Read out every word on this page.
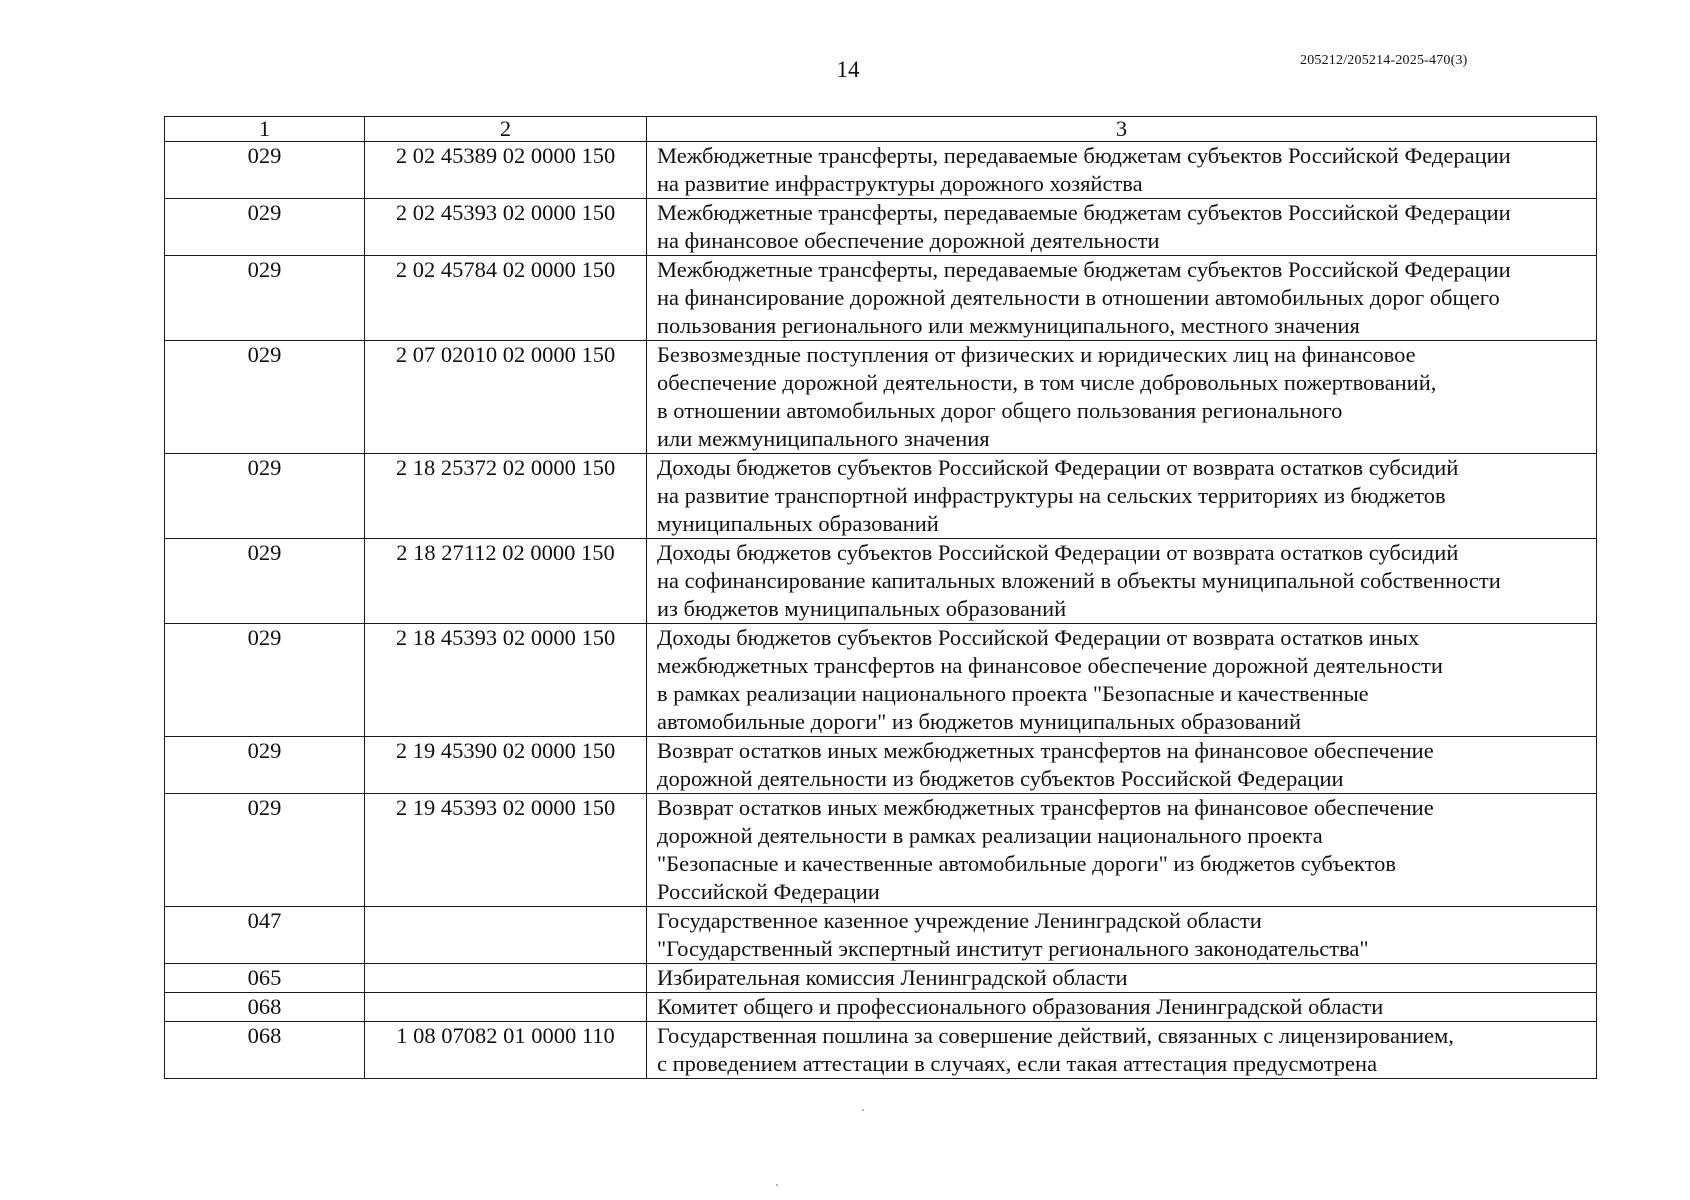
14	205212/205214-2025-470(3)
1	2	3
029	2 02 45389 02 0000 150	Межбюджетные трансферты, передаваемые бюджетам субъектов Российской Федерации
на развитие инфраструктуры дорожного хозяйства
029	2 02 45393 02 0000 150	Межбюджетные трансферты, передаваемые бюджетам субъектов Российской Федерации
на финансовое обеспечение дорожной деятельности
029	2 02 45784 02 0000 150	Межбюджетные трансферты, передаваемые бюджетам субъектов Российской Федерации
на финансирование дорожной деятельности в отношении автомобильных дорог общего
пользования регионального или межмуниципального, местного значения
029	2 07 02010 02 0000 150	Безвозмездные поступления от физических и юридических лиц на финансовое
обеспечение дорожной деятельности, в том числе добровольных пожертвований,
в отношении автомобильных дорог общего пользования регионального
или межмуниципального значения
029	2 18 25372 02 0000 150	Доходы бюджетов субъектов Российской Федерации от возврата остатков субсидий
на развитие транспортной инфраструктуры на сельских территориях из бюджетов
муниципальных образований
029	2 18 27112 02 0000 150	Доходы бюджетов субъектов Российской Федерации от возврата остатков субсидий
на софинансирование капитальных вложений в объекты муниципальной собственности
из бюджетов муниципальных образований
029	2 18 45393 02 0000 150	Доходы бюджетов субъектов Российской Федерации от возврата остатков иных
межбюджетных трансфертов на финансовое обеспечение дорожной деятельности
в рамках реализации национального проекта "Безопасные и качественные
автомобильные дороги" из бюджетов муниципальных образований
029	2 19 45390 02 0000 150	Возврат остатков иных межбюджетных трансфертов на финансовое обеспечение
дорожной деятельности из бюджетов субъектов Российской Федерации
029	2 19 45393 02 0000 150	Возврат остатков иных межбюджетных трансфертов на финансовое обеспечение
дорожной деятельности в рамках реализации национального проекта
"Безопасные и качественные автомобильные дороги" из бюджетов субъектов
Российской Федерации
047		Государственное казенное учреждение Ленинградской области
"Государственный экспертный институт регионального законодательства"
065		Избирательная комиссия Ленинградской области
068		Комитет общего и профессионального образования Ленинградской области
068	1 08 07082 01 0000 110	Государственная пошлина за совершение действий, связанных с лицензированием,
с проведением аттестации в случаях, если такая аттестация предусмотрена
